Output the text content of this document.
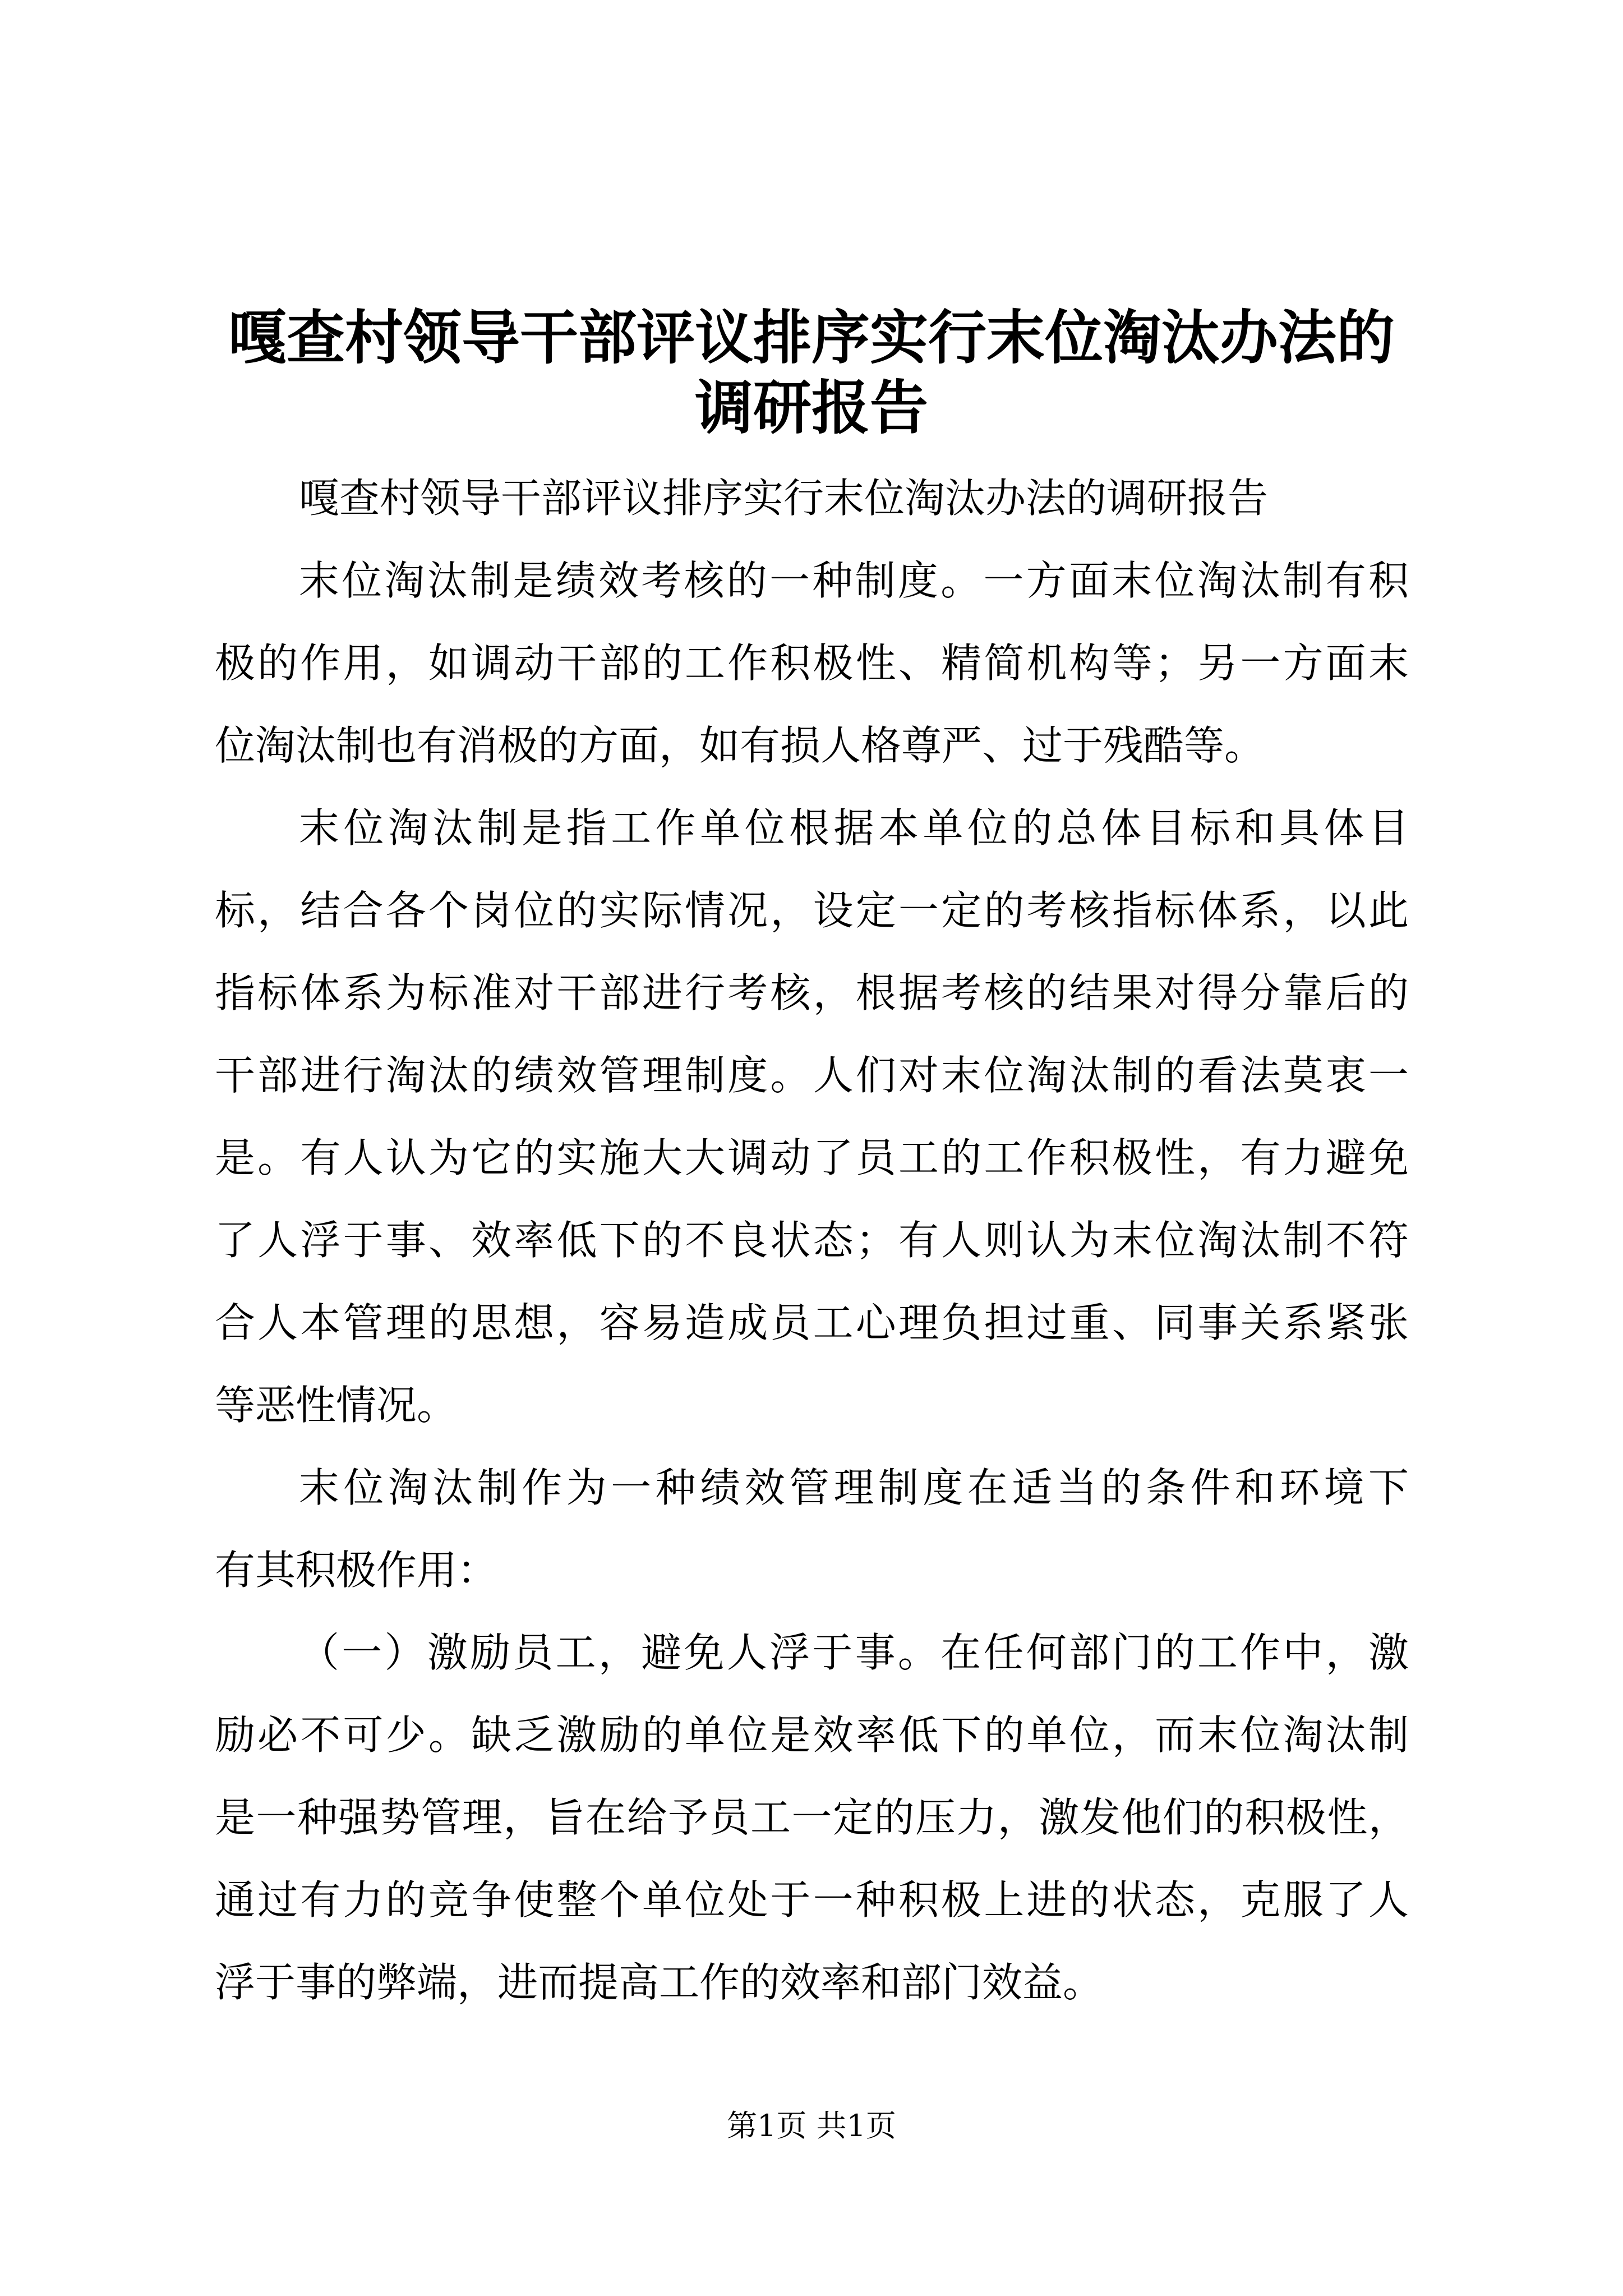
嘎查村领导干部评议排序实行末位淘汰办法的
调研报告
嘎查村领导干部评议排序实行末位淘汰办法的调研报告
末位淘汰制是绩效考核的一种制度。一方面末位淘汰制有积
极的作用，如调动干部的工作积极性、精简机构等；另一方面末
位淘汰制也有消极的方面，如有损人格尊严、过于残酷等。
末位淘汰制是指工作单位根据本单位的总体目标和具体目
标，结合各个岗位的实际情况，设定一定的考核指标体系，以此
指标体系为标准对干部进行考核，根据考核的结果对得分靠后的
干部进行淘汰的绩效管理制度。人们对末位淘汰制的看法莫衷一
是。有人认为它的实施大大调动了员工的工作积极性，有力避免
了人浮于事、效率低下的不良状态；有人则认为末位淘汰制不符
合人本管理的思想，容易造成员工心理负担过重、同事关系紧张
等恶性情况。
末位淘汰制作为一种绩效管理制度在适当的条件和环境下
有其积极作用：
（一）激励员工，避免人浮于事。在任何部门的工作中，激
励必不可少。缺乏激励的单位是效率低下的单位，而末位淘汰制
是一种强势管理，旨在给予员工一定的压力，激发他们的积极性，
通过有力的竞争使整个单位处于一种积极上进的状态，克服了人
浮于事的弊端，进而提高工作的效率和部门效益。
第1页 共1页
